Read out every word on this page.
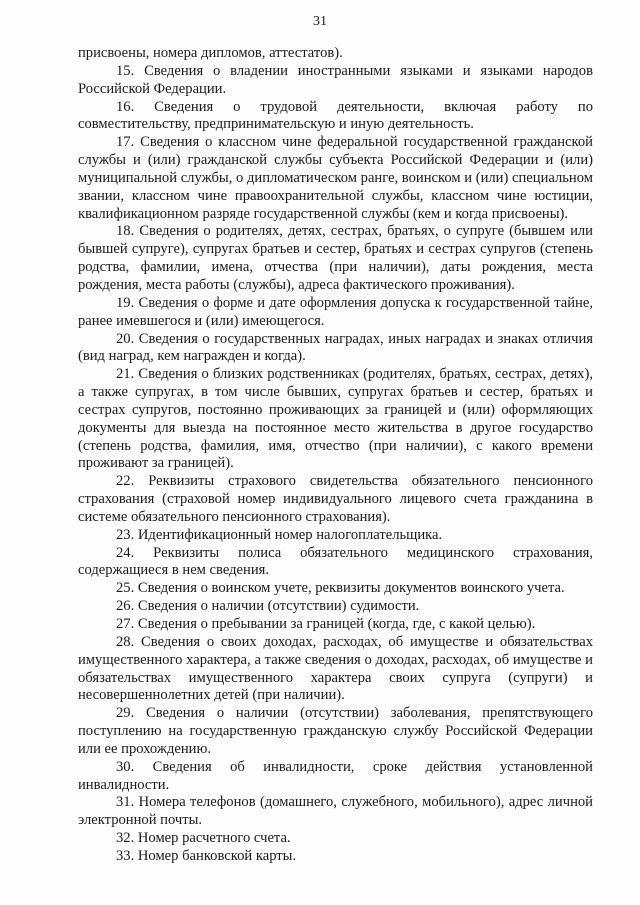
31

присвоены, номера дипломов, аттестатов).

15. Сведения о владении иностранными языками и языками народов Российской Федерации.

16. Сведения о трудовой деятельности, включая работу по совместительству, предпринимательскую и иную деятельность.

17. Сведения о классном чине федеральной государственной гражданской службы и (или) гражданской службы субъекта Российской Федерации и (или) муниципальной службы, о дипломатическом ранге, воинском и (или) специальном звании, классном чине правоохранительной службы, классном чине юстиции, квалификационном разряде государственной службы (кем и когда присвоены).

18. Сведения о родителях, детях, сестрах, братьях, о супруге (бывшем или бывшей супруге), супругах братьев и сестер, братьях и сестрах супругов (степень родства, фамилии, имена, отчества (при наличии), даты рождения, места рождения, места работы (службы), адреса фактического проживания).

19. Сведения о форме и дате оформления допуска к государственной тайне, ранее имевшегося и (или) имеющегося.

20. Сведения о государственных наградах, иных наградах и знаках отличия (вид наград, кем награжден и когда).

21. Сведения о близких родственниках (родителях, братьях, сестрах, детях), а также супругах, в том числе бывших, супругах братьев и сестер, братьях и сестрах супругов, постоянно проживающих за границей и (или) оформляющих документы для выезда на постоянное место жительства в другое государство (степень родства, фамилия, имя, отчество (при наличии), с какого времени проживают за границей).

22. Реквизиты страхового свидетельства обязательного пенсионного страхования (страховой номер индивидуального лицевого счета гражданина в системе обязательного пенсионного страхования).

23. Идентификационный номер налогоплательщика.

24. Реквизиты полиса обязательного медицинского страхования, содержащиеся в нем сведения.

25. Сведения о воинском учете, реквизиты документов воинского учета.

26. Сведения о наличии (отсутствии) судимости.

27. Сведения о пребывании за границей (когда, где, с какой целью).

28. Сведения о своих доходах, расходах, об имуществе и обязательствах имущественного характера, а также сведения о доходах, расходах, об имуществе и обязательствах имущественного характера своих супруга (супруги) и несовершеннолетних детей (при наличии).

29. Сведения о наличии (отсутствии) заболевания, препятствующего поступлению на государственную гражданскую службу Российской Федерации или ее прохождению.

30. Сведения об инвалидности, сроке действия установленной инвалидности.

31. Номера телефонов (домашнего, служебного, мобильного), адрес личной электронной почты.

32. Номер расчетного счета.

33. Номер банковской карты.
